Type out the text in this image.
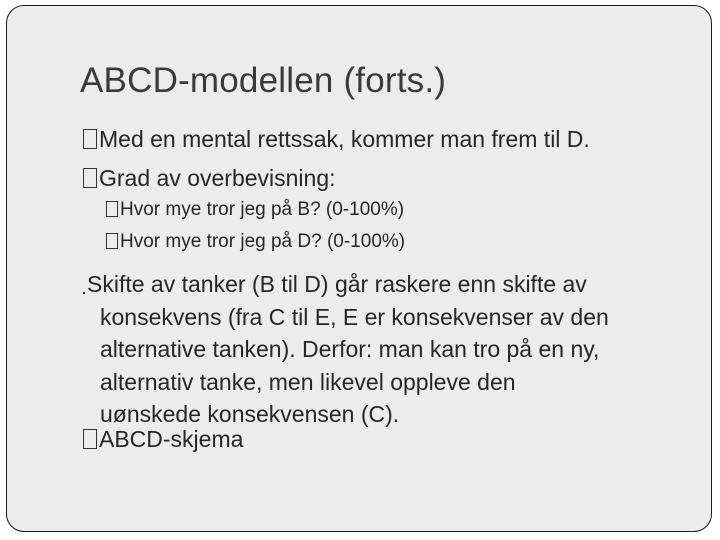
ABCD-modellen (forts.)
Med en mental rettssak, kommer man frem til D.
Grad av overbevisning:
Hvor mye tror jeg på B? (0-100%)
Hvor mye tror jeg på D? (0-100%)
Skifte av tanker (B til D) går raskere enn skifte av
konsekvens (fra C til E, E er konsekvenser av den
alternative tanken). Derfor: man kan tro på en ny,
alternativ tanke, men likevel oppleve den
uønskede konsekvensen (C).
ABCD-skjema
